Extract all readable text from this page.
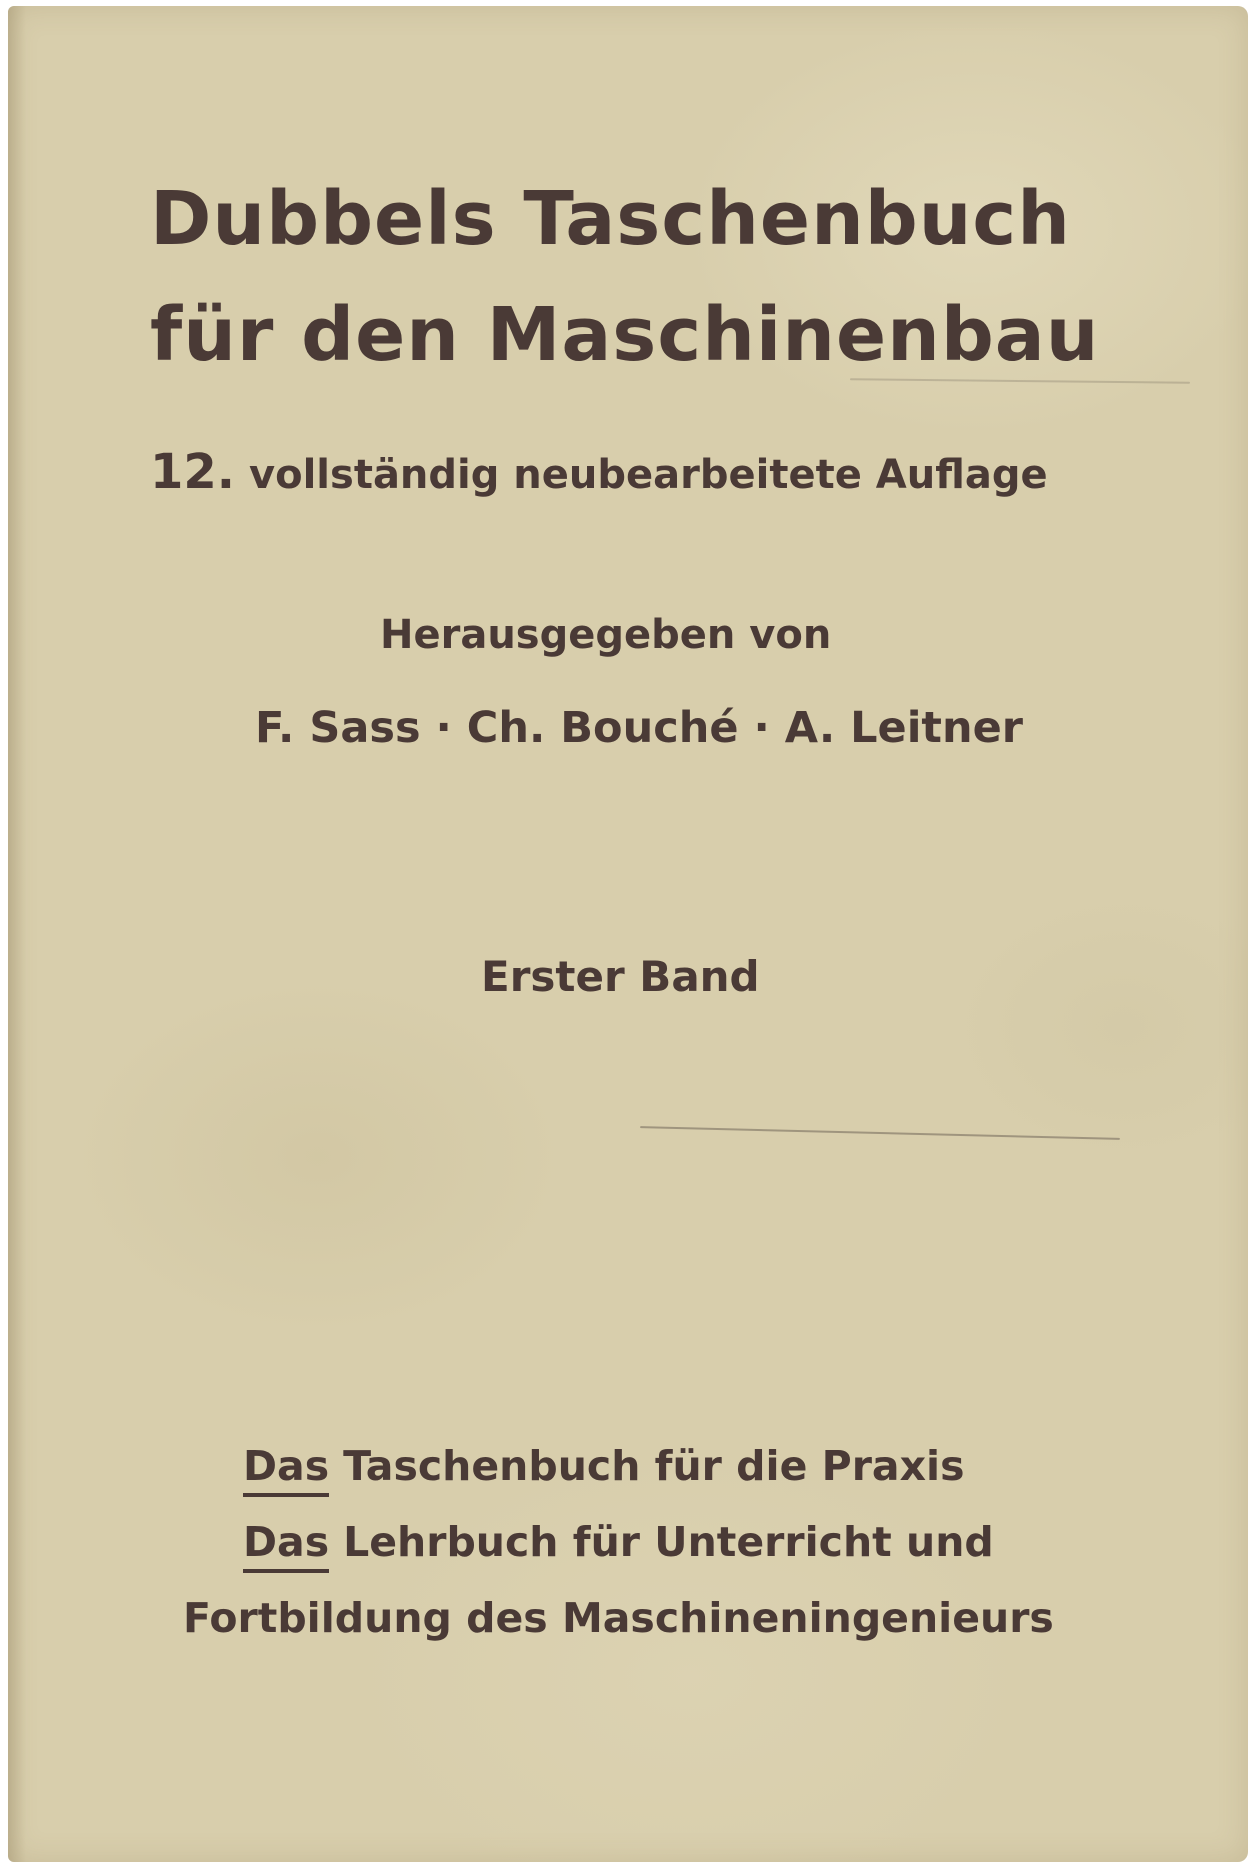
Dubbels Taschenbuch

für den Maschinenbau

12. vollständig neubearbeitete Auflage

Herausgegeben von

F. Sass · Ch. Bouché · A. Leitner

Erster Band

Das Taschenbuch für die Praxis

Das Lehrbuch für Unterricht und

Fortbildung des Maschineningenieurs
